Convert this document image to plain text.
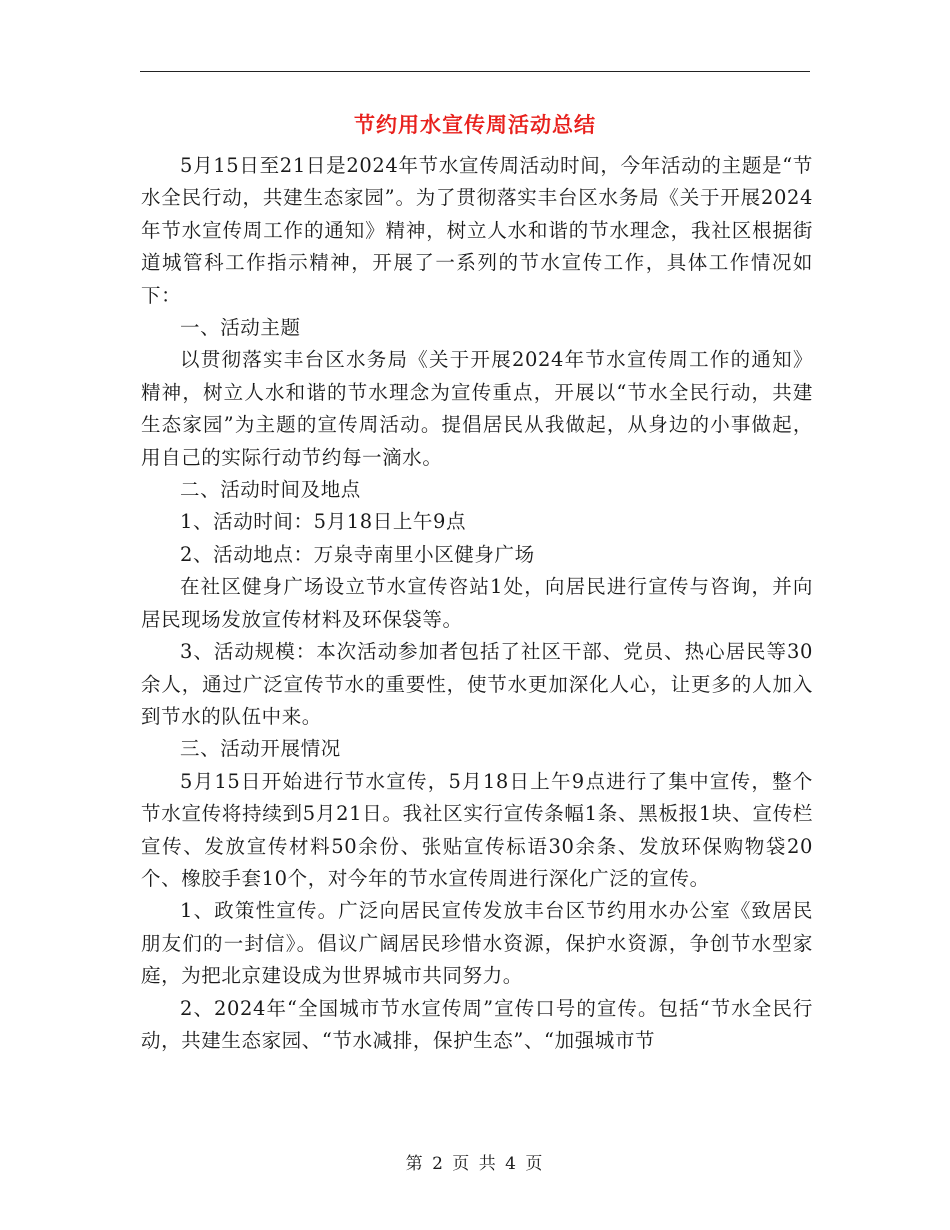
节约用水宣传周活动总结

5月15日至21日是2024年节水宣传周活动时间，今年活动的主题是“节水全民行动，共建生态家园”。为了贯彻落实丰台区水务局《关于开展2024年节水宣传周工作的通知》精神，树立人水和谐的节水理念，我社区根据街道城管科工作指示精神，开展了一系列的节水宣传工作，具体工作情况如下：

一、活动主题

以贯彻落实丰台区水务局《关于开展2024年节水宣传周工作的通知》精神，树立人水和谐的节水理念为宣传重点，开展以“节水全民行动，共建生态家园”为主题的宣传周活动。提倡居民从我做起，从身边的小事做起，用自己的实际行动节约每一滴水。

二、活动时间及地点

1、活动时间：5月18日上午9点

2、活动地点：万泉寺南里小区健身广场

在社区健身广场设立节水宣传咨站1处，向居民进行宣传与咨询，并向居民现场发放宣传材料及环保袋等。

3、活动规模：本次活动参加者包括了社区干部、党员、热心居民等30余人，通过广泛宣传节水的重要性，使节水更加深化人心，让更多的人加入到节水的队伍中来。

三、活动开展情况

5月15日开始进行节水宣传，5月18日上午9点进行了集中宣传，整个节水宣传将持续到5月21日。我社区实行宣传条幅1条、黑板报1块、宣传栏宣传、发放宣传材料50余份、张贴宣传标语30余条、发放环保购物袋20个、橡胶手套10个，对今年的节水宣传周进行深化广泛的宣传。

1、政策性宣传。广泛向居民宣传发放丰台区节约用水办公室《致居民朋友们的一封信》。倡议广阔居民珍惜水资源，保护水资源，争创节水型家庭，为把北京建设成为世界城市共同努力。

2、2024年“全国城市节水宣传周”宣传口号的宣传。包括“节水全民行动，共建生态家园、“节水减排，保护生态”、“加强城市节

第 2 页 共 4 页
